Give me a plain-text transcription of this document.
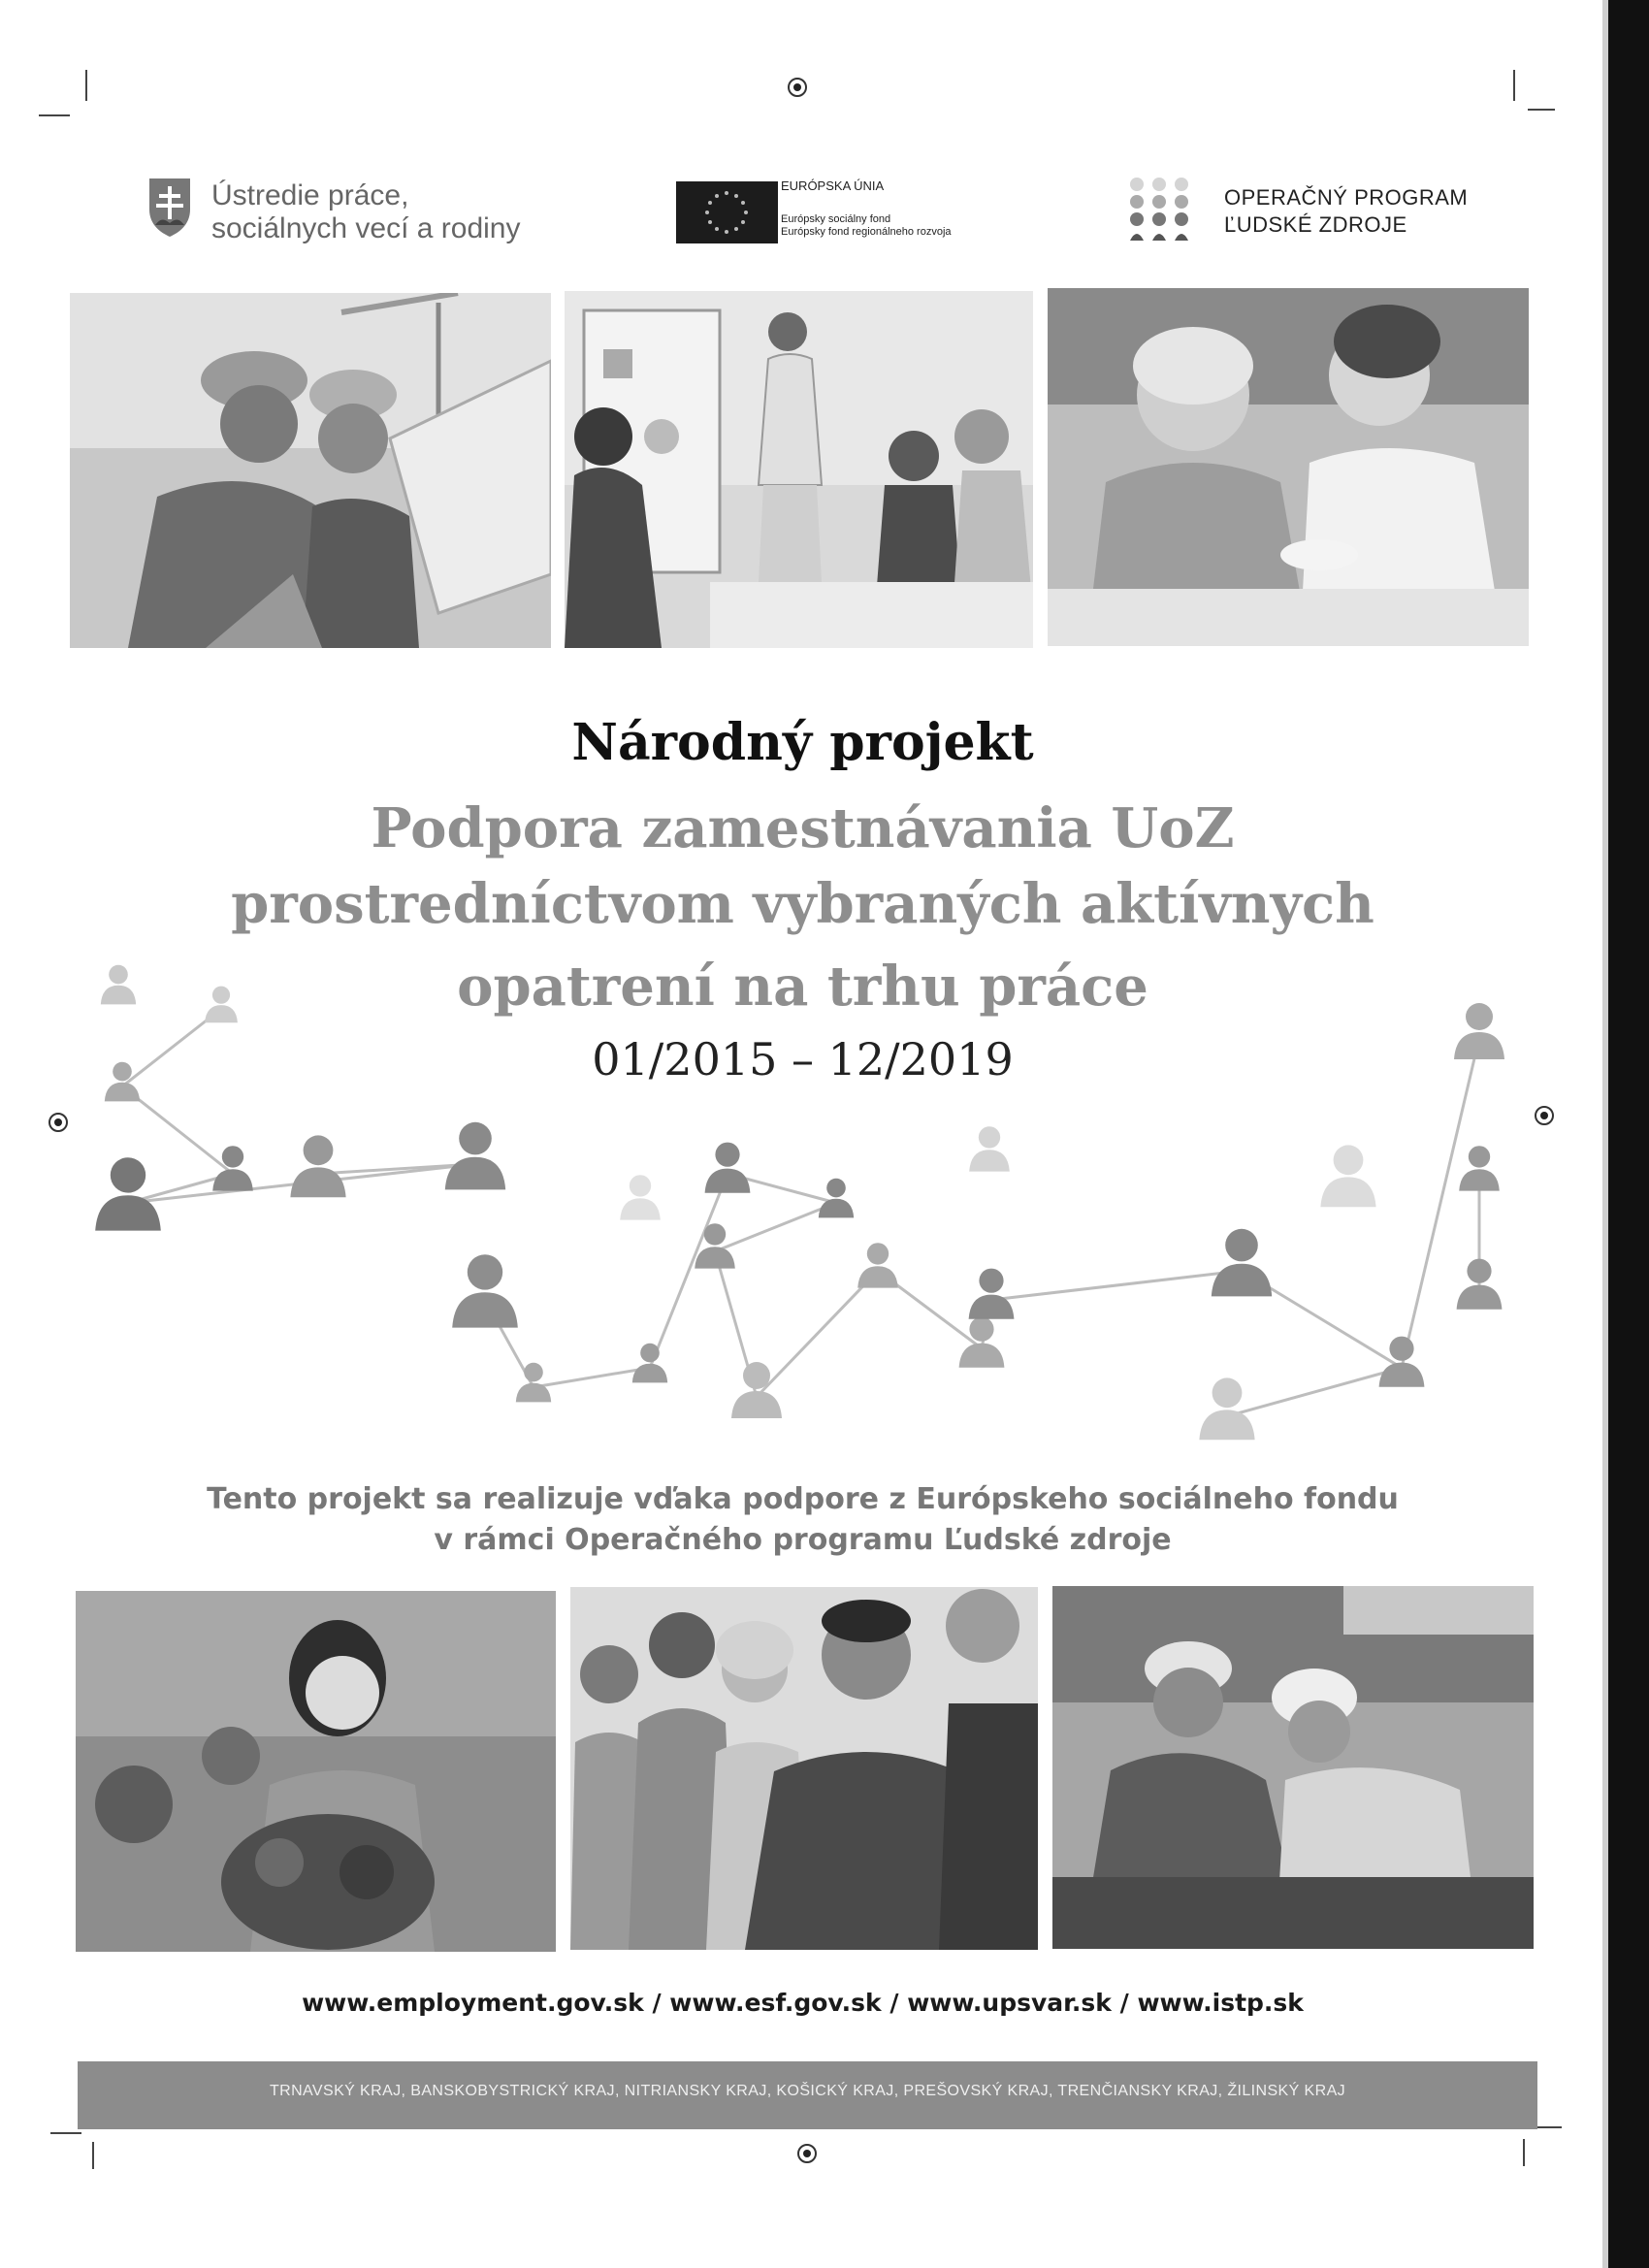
Ústredie práce,
sociálnych vecí a rodiny
EURÓPSKA ÚNIA
Európsky sociálny fond
Európsky fond regionálneho rozvoja
OPERAČNÝ PROGRAM
ĽUDSKÉ ZDROJE
Národný projekt
Podpora zamestnávania UoZ
prostredníctvom vybraných aktívnych
opatrení na trhu práce
01/2015 – 12/2019
Tento projekt sa realizuje vďaka podpore z Európskeho sociálneho fondu
v rámci Operačného programu Ľudské zdroje
www.employment.gov.sk / www.esf.gov.sk / www.upsvar.sk / www.istp.sk
TRNAVSKÝ KRAJ, BANSKOBYSTRICKÝ KRAJ, NITRIANSKY KRAJ, KOŠICKÝ KRAJ, PREŠOVSKÝ KRAJ, TRENČIANSKY KRAJ, ŽILINSKÝ KRAJ
